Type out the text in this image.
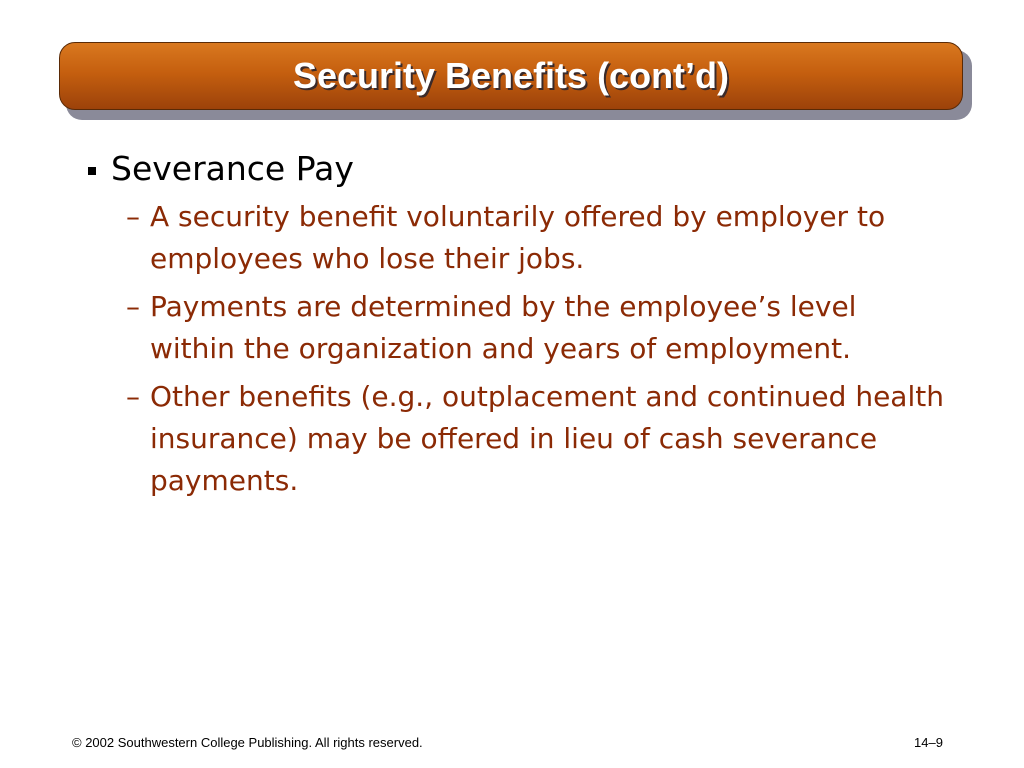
Security Benefits (cont’d)
Severance Pay
– A security benefit voluntarily offered by employer to employees who lose their jobs.
– Payments are determined by the employee’s level within the organization and years of employment.
– Other benefits (e.g., outplacement and continued health insurance) may be offered in lieu of cash severance payments.
© 2002 Southwestern College Publishing. All rights reserved.	14–9
